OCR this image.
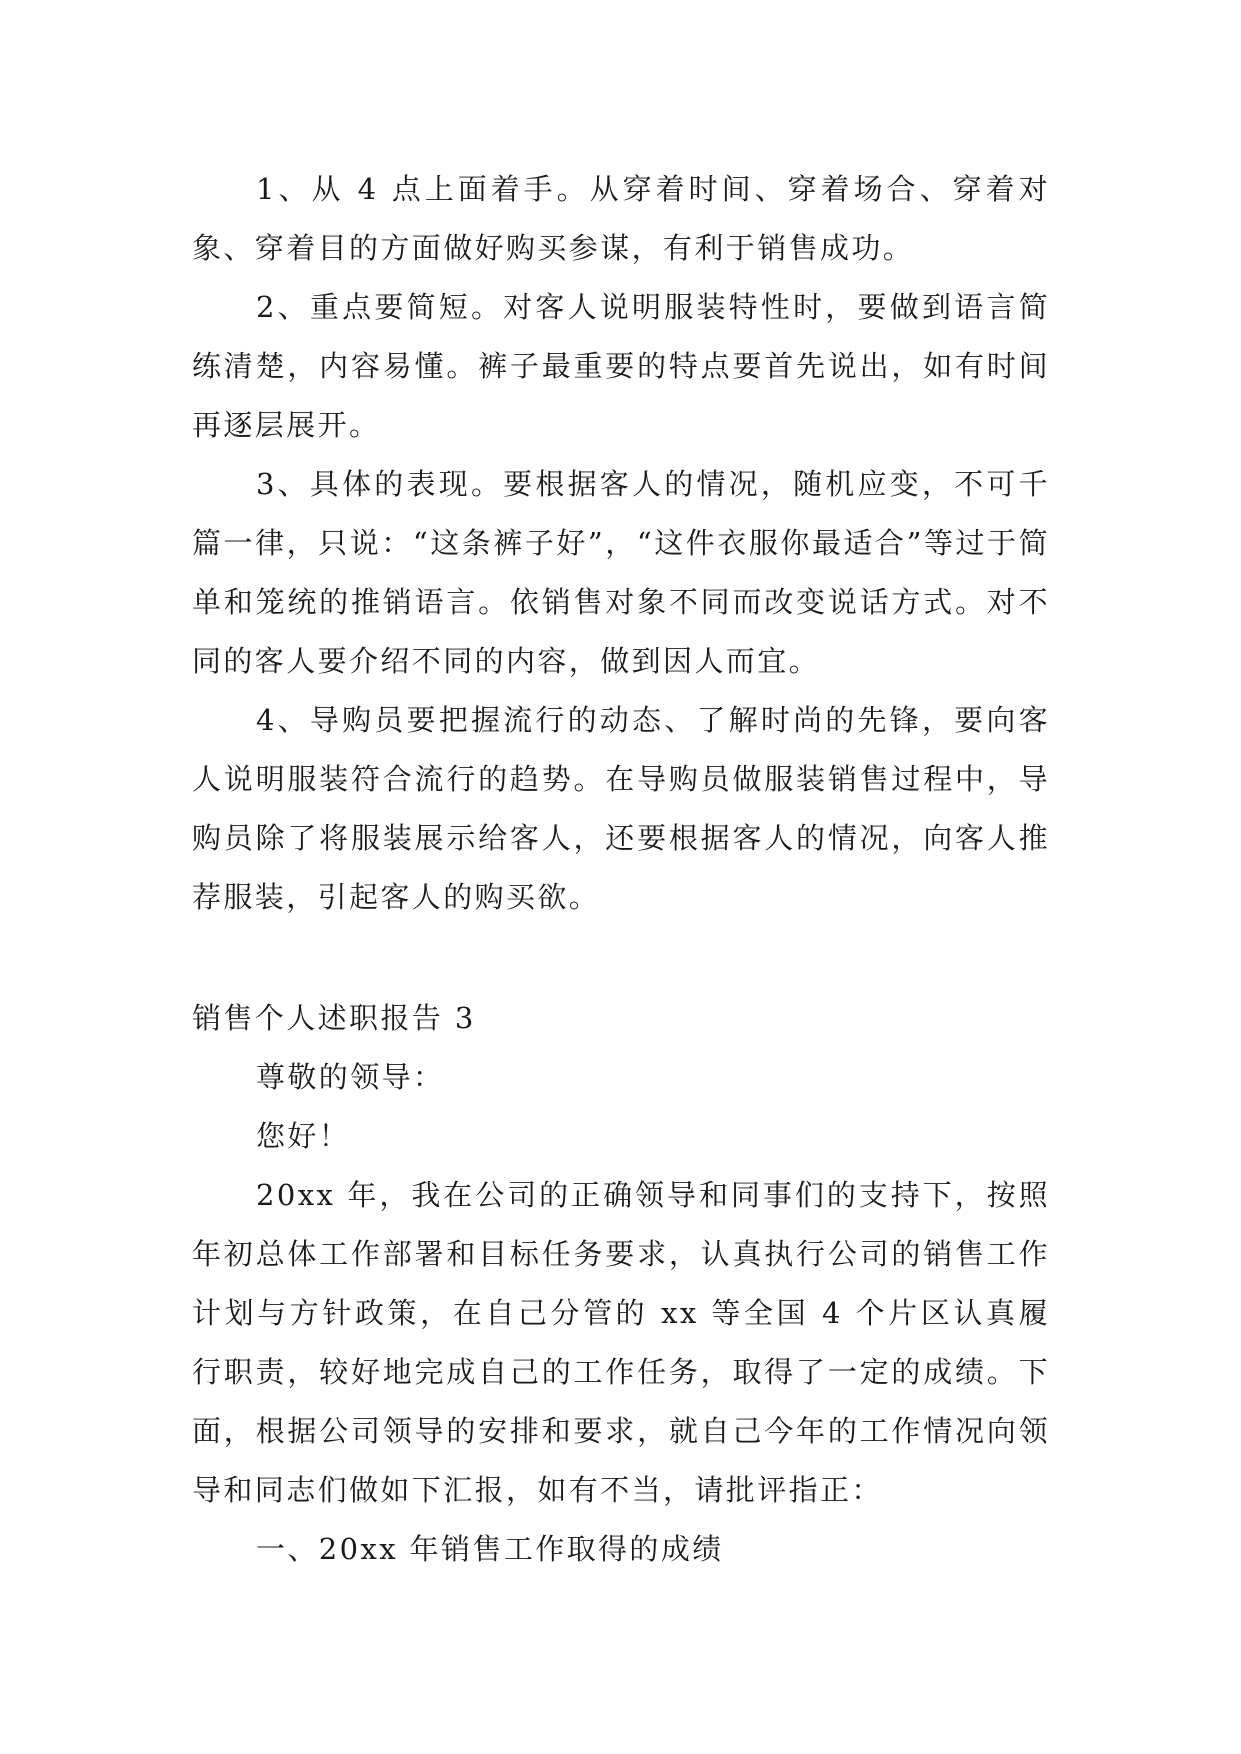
1、从 4 点上面着手。从穿着时间、穿着场合、穿着对象、穿着目的方面做好购买参谋，有利于销售成功。

2、重点要简短。对客人说明服装特性时，要做到语言简练清楚，内容易懂。裤子最重要的特点要首先说出，如有时间再逐层展开。

3、具体的表现。要根据客人的情况，随机应变，不可千篇一律，只说：“这条裤子好”，“这件衣服你最适合”等过于简单和笼统的推销语言。依销售对象不同而改变说话方式。对不同的客人要介绍不同的内容，做到因人而宜。

4、导购员要把握流行的动态、了解时尚的先锋，要向客人说明服装符合流行的趋势。在导购员做服装销售过程中，导购员除了将服装展示给客人，还要根据客人的情况，向客人推荐服装，引起客人的购买欲。

销售个人述职报告 3

尊敬的领导：

您好！

20xx 年，我在公司的正确领导和同事们的支持下，按照年初总体工作部署和目标任务要求，认真执行公司的销售工作计划与方针政策，在自己分管的 xx 等全国 4 个片区认真履行职责，较好地完成自己的工作任务，取得了一定的成绩。下面，根据公司领导的安排和要求，就自己今年的工作情况向领导和同志们做如下汇报，如有不当，请批评指正：

一、20xx 年销售工作取得的成绩
